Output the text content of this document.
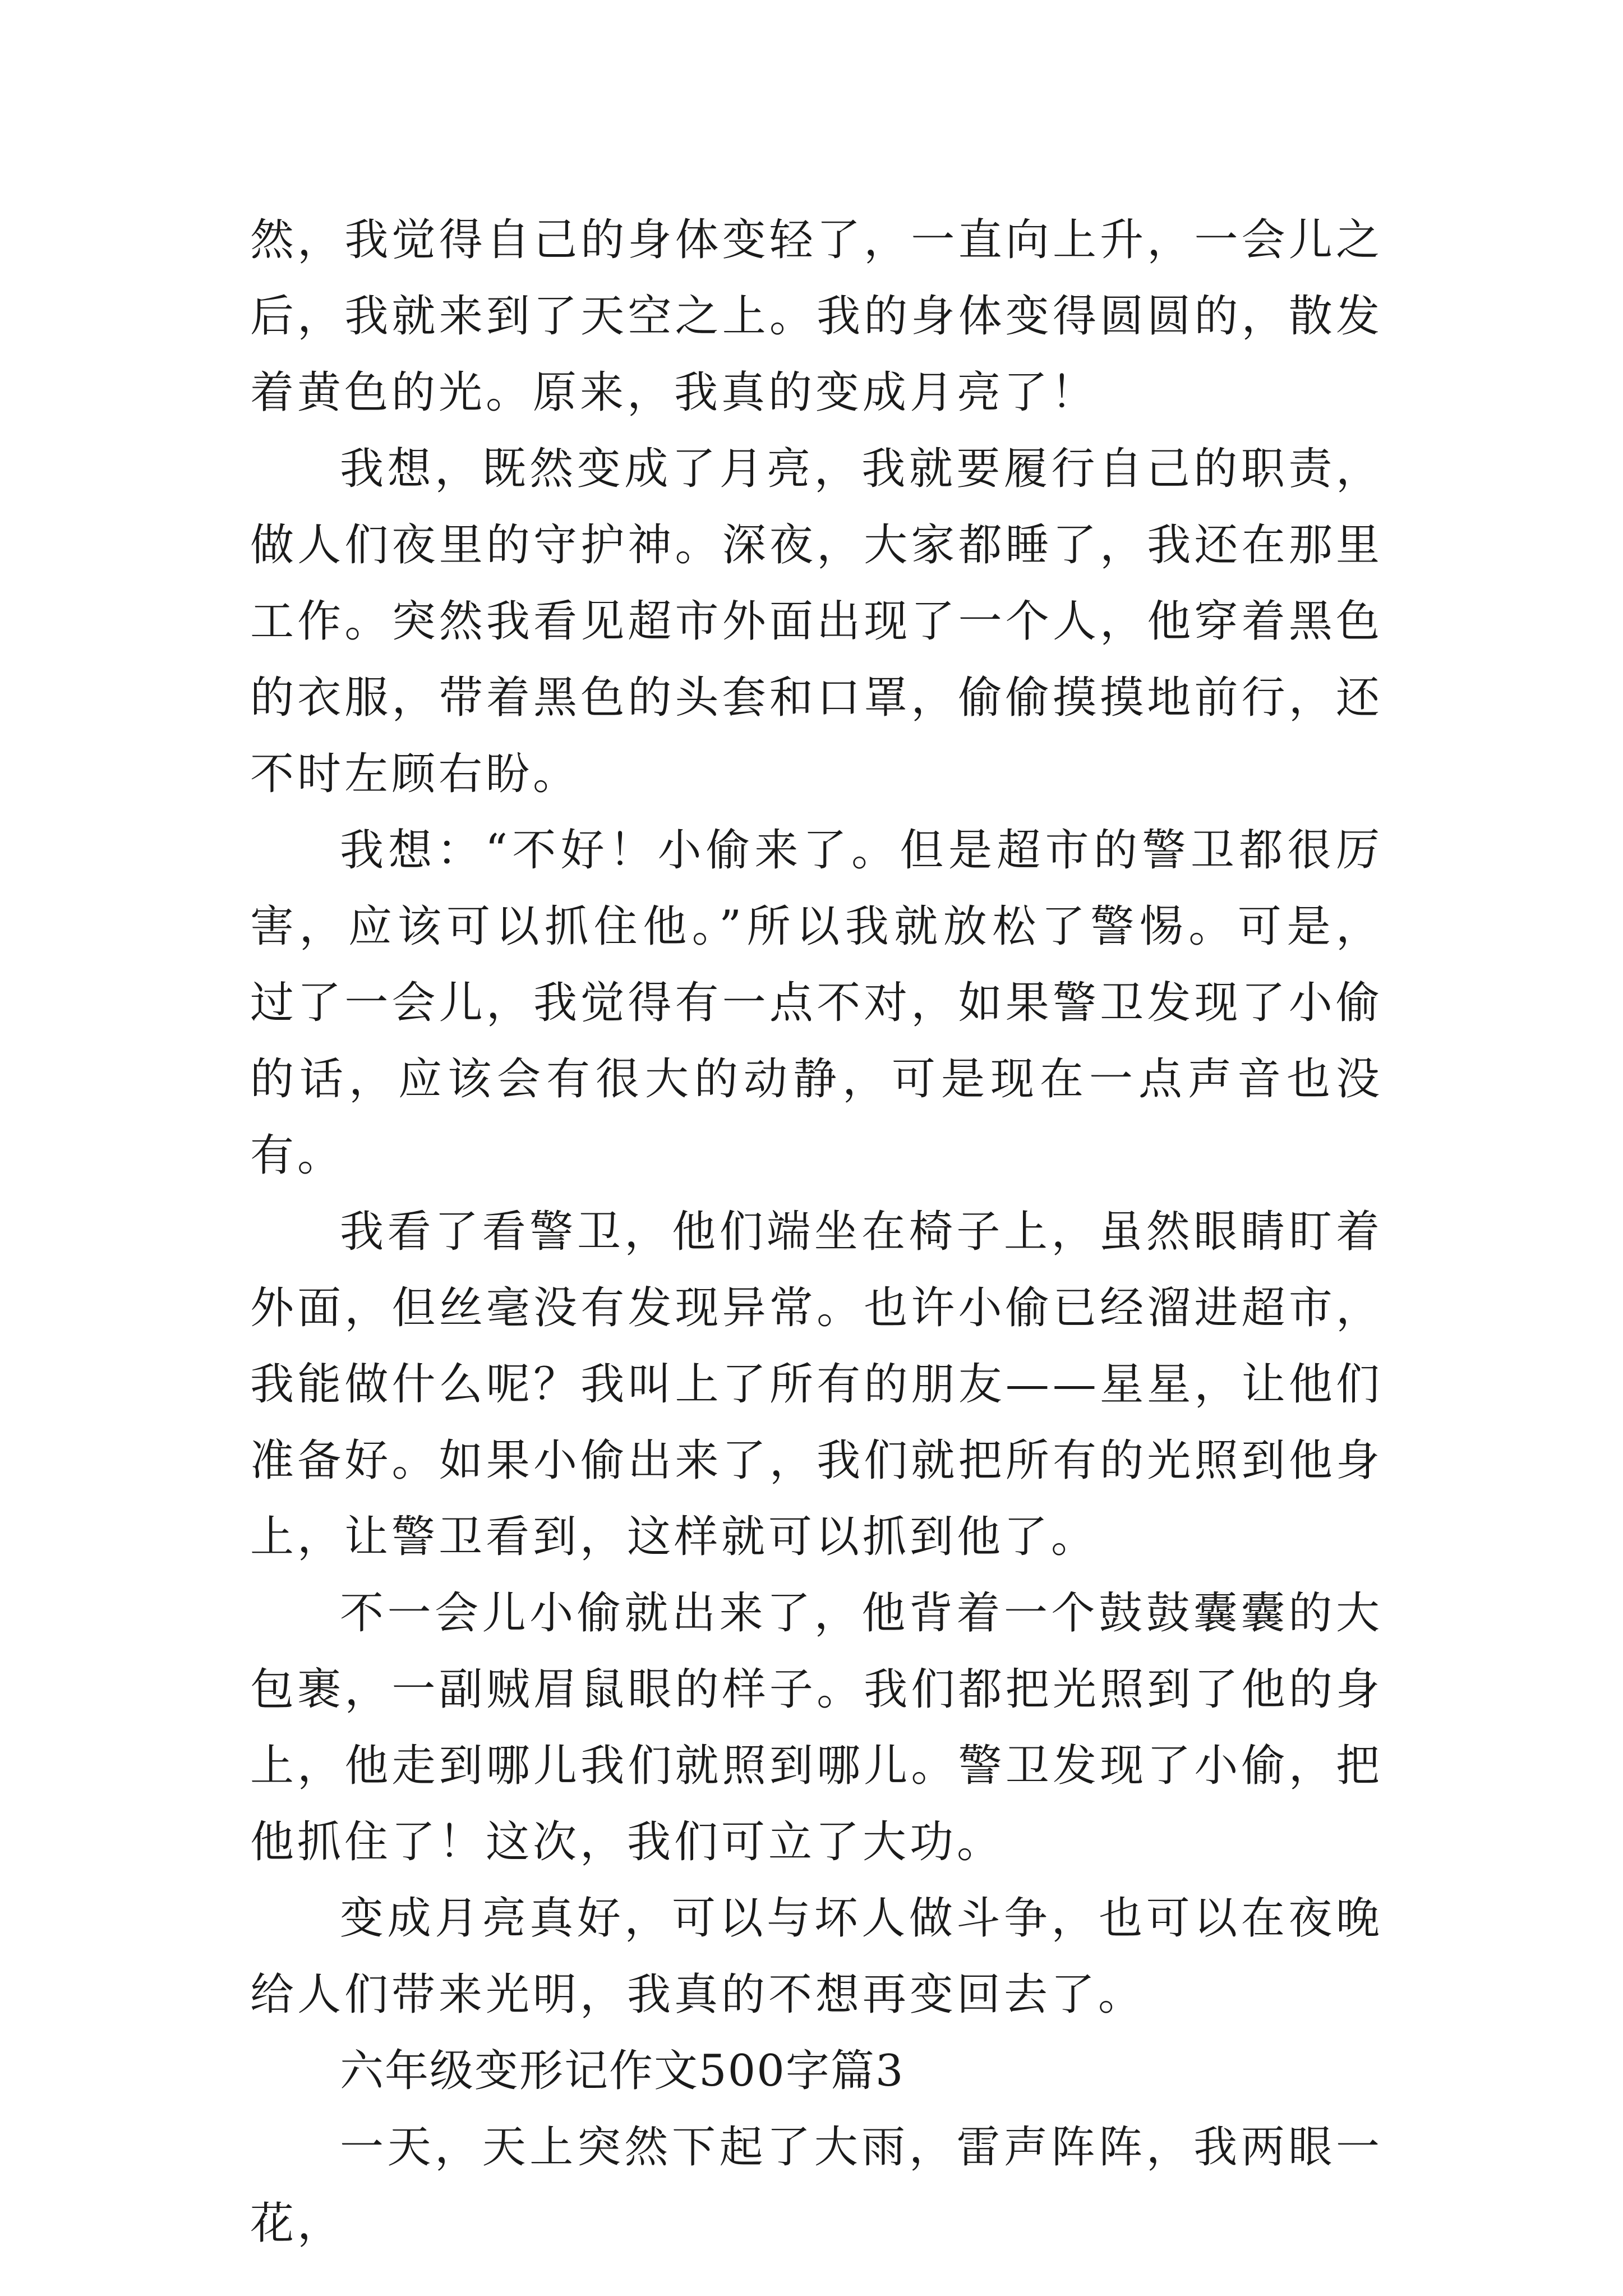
然，我觉得自己的身体变轻了，一直向上升，一会儿之后，我就来到了天空之上。我的身体变得圆圆的，散发着黄色的光。原来，我真的变成月亮了！

我想，既然变成了月亮，我就要履行自己的职责，做人们夜里的守护神。深夜，大家都睡了，我还在那里工作。突然我看见超市外面出现了一个人，他穿着黑色的衣服，带着黑色的头套和口罩，偷偷摸摸地前行，还不时左顾右盼。

我想：“不好！小偷来了。但是超市的警卫都很厉害，应该可以抓住他。”所以我就放松了警惕。可是，过了一会儿，我觉得有一点不对，如果警卫发现了小偷的话，应该会有很大的动静，可是现在一点声音也没有。

我看了看警卫，他们端坐在椅子上，虽然眼睛盯着外面，但丝毫没有发现异常。也许小偷已经溜进超市，我能做什么呢？我叫上了所有的朋友——星星，让他们准备好。如果小偷出来了，我们就把所有的光照到他身上，让警卫看到，这样就可以抓到他了。

不一会儿小偷就出来了，他背着一个鼓鼓囊囊的大包裹，一副贼眉鼠眼的样子。我们都把光照到了他的身上，他走到哪儿我们就照到哪儿。警卫发现了小偷，把他抓住了！这次，我们可立了大功。

变成月亮真好，可以与坏人做斗争，也可以在夜晚给人们带来光明，我真的不想再变回去了。

六年级变形记作文500字篇3

一天，天上突然下起了大雨，雷声阵阵，我两眼一花，
